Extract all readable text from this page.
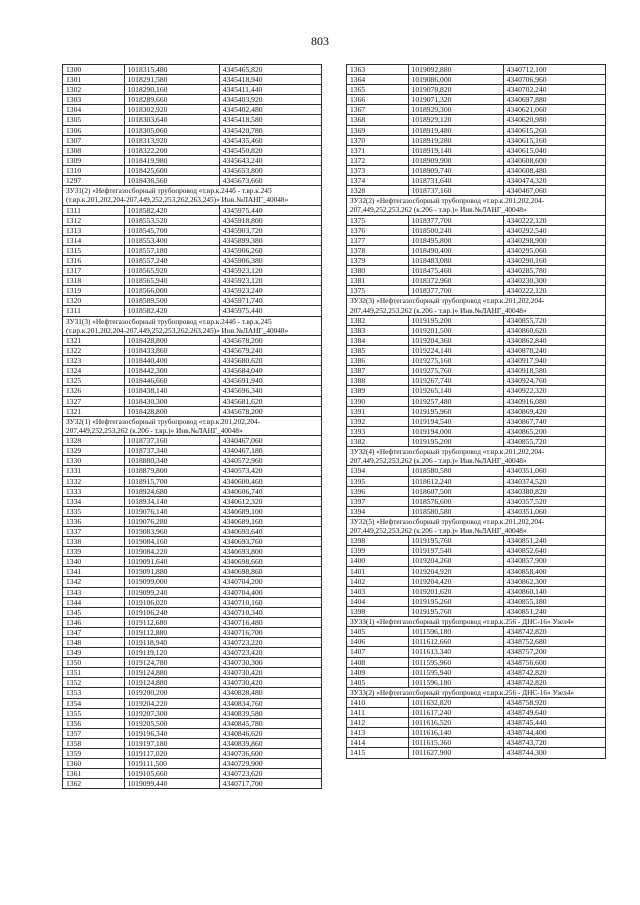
803
1300	1018315,480	4345465,820
1301	1018291,580	4345418,940
1302	1018290,160	4345411,440
1303	1018289,660	4345403,920
1304	1018302,920	4345402,480
1305	1018303,640	4345418,580
1306	1018305,060	4345420,780
1307	1018313,920	4345435,460
1308	1018322,200	4345450,820
1309	1018419,980	4345643,240
1310	1018425,600	4345653,800
1297	1018436,560	4345673,660
ЗУ31(2) «Нефтегазосборный трубопровод «т.вр.к.244б - т.вр.к.245 (т.вр.к.201,202,204-207,449,252,253,262,263,245)» Инв.№ЛАНГ_40048»		
1311	1018582,420	4345975,440
1312	1018553,520	4345918,800
1313	1018545,700	4345903,720
1314	1018553,400	4345899,380
1315	1018557,180	4345906,260
1316	1018557,240	4345906,380
1317	1018565,920	4345923,120
1318	1018565,940	4345923,120
1319	1018566,000	4345923,240
1320	1018589,500	4345971,740
1311	1018582,420	4345975,440
ЗУ31(3) «Нефтегазосборный трубопровод «т.вр.к.244б - т.вр.к.245 (т.вр.к.201,202,204-207,449,252,253,262,263,245)» Инв.№ЛАНГ_40048»		
1321	1018428,800	4345678,200
1322	1018433,860	4345679,240
1323	1018440,400	4345680,620
1324	1018442,300	4345684,040
1325	1018446,660	4345691,940
1326	1018438,140	4345696,340
1327	1018430,300	4345681,620
1321	1018428,800	4345678,200
ЗУ32(1) «Нефтегазосборный трубопровод «т.вр.к.201,202,204-207,449,252,253,262 (к.206 - т.вр.)» Инв.№ЛАНГ_40048»		
1328	1018737,160	4340467,060
1329	1018737,340	4340467,180
1330	1018880,340	4340572,960
1331	1018879,800	4340573,420
1332	1018915,700	4340600,460
1333	1018924,680	4340606,740
1334	1018934,140	4340612,320
1335	1019076,140	4340689,100
1336	1019076,280	4340689,160
1337	1019083,960	4340693,640
1338	1019084,160	4340693,760
1339	1019084,220	4340693,800
1340	1019091,640	4340698,660
1341	1019091,880	4340698,860
1342	1019099,000	4340704,200
1343	1019099,240	4340704,400
1344	1019106,020	4340710,160
1345	1019106,240	4340710,340
1346	1019112,680	4340716,480
1347	1019112,880	4340716,700
1348	1019118,940	4340723,220
1349	1019119,120	4340723,420
1350	1019124,780	4340730,300
1351	1019124,880	4340730,420
1352	1019124,880	4340730,420
1353	1019200,200	4340828,480
1354	1019204,220	4340834,760
1355	1019207,300	4340839,580
1356	1019205,500	4340845,780
1357	1019196,340	4340846,620
1358	1019197,180	4340839,860
1359	1019117,020	4340736,600
1360	1019111,500	4340729,900
1361	1019105,660	4340723,620
1362	1019099,440	4340717,700
1363	1019092,880	4340712,100
1364	1019086,000	4340706,960
1365	1019078,820	4340702,240
1366	1019071,320	4340697,880
1367	1018929,300	4340621,060
1368	1018929,120	4340620,980
1369	1018919,480	4340615,260
1370	1018919,280	4340615,160
1371	1018919,140	4340615,040
1372	1018909,900	4340608,600
1373	1018909,740	4340608,480
1374	1018731,640	4340474,320
1328	1018737,160	4340467,060
ЗУ32(2) «Нефтегазосборный трубопровод «т.вр.к.201,202,204-207,449,252,253,262 (к.206 - т.вр.)» Инв.№ЛАНГ_40048»		
1375	1018377,700	4340222,120
1376	1018500,240	4340292,540
1377	1018495,800	4340298,900
1378	1018490,400	4340295,060
1379	1018483,080	4340290,160
1380	1018475,460	4340285,780
1381	1018372,960	4340230,300
1375	1018377,700	4340222,120
ЗУ32(3) «Нефтегазосборный трубопровод «т.вр.к.201,202,204-207,449,252,253,262 (к.206 - т.вр.)» Инв.№ЛАНГ_40048»		
1382	1019195,200	4340855,720
1383	1019201,500	4340860,620
1384	1019204,360	4340862,840
1385	1019224,140	4340878,240
1386	1019275,160	4340917,940
1387	1019275,760	4340918,580
1388	1019267,740	4340924,760
1389	1019265,140	4340922,320
1390	1019257,480	4340916,080
1391	1019195,960	4340869,420
1392	1019194,540	4340867,740
1393	1019194,000	4340865,200
1382	1019195,200	4340855,720
ЗУ32(4) «Нефтегазосборный трубопровод «т.вр.к.201,202,204-207,449,252,253,262 (к.206 - т.вр.)» Инв.№ЛАНГ_40048»		
1394	1018580,580	4340351,060
1395	1018612,240	4340374,520
1396	1018607,500	4340380,820
1397	1018576,600	4340357,520
1394	1018580,580	4340351,060
ЗУ32(5) «Нефтегазосборный трубопровод «т.вр.к.201,202,204-207,449,252,253,262 (к.206 - т.вр.)» Инв.№ЛАНГ_40048»		
1398	1019195,760	4340851,240
1399	1019197,540	4340852,640
1400	1019204,260	4340857,900
1401	1019204,920	4340858,400
1402	1019204,420	4340862,300
1403	1019201,620	4340860,140
1404	1019195,260	4340855,180
1398	1019195,760	4340851,240
ЗУ33(1) «Нефтегазосборный трубопровод «т.вр.к.256 - ДНС-16» Узел4»		
1405	1011596,180	4348742,820
1406	1011612,660	4348752,680
1407	1011613,340	4348757,200
1408	1011595,960	4348756,600
1409	1011595,940	4348742,820
1405	1011596,180	4348742,820
ЗУ33(2) «Нефтегазосборный трубопровод «т.вр.к.256 - ДНС-16» Узел4»		
1410	1011632,820	4348758,920
1411	1011617,240	4348749,640
1412	1011616,520	4348745,440
1413	1011616,140	4348744,400
1414	1011615,360	4348743,720
1415	1011627,900	4348744,300
